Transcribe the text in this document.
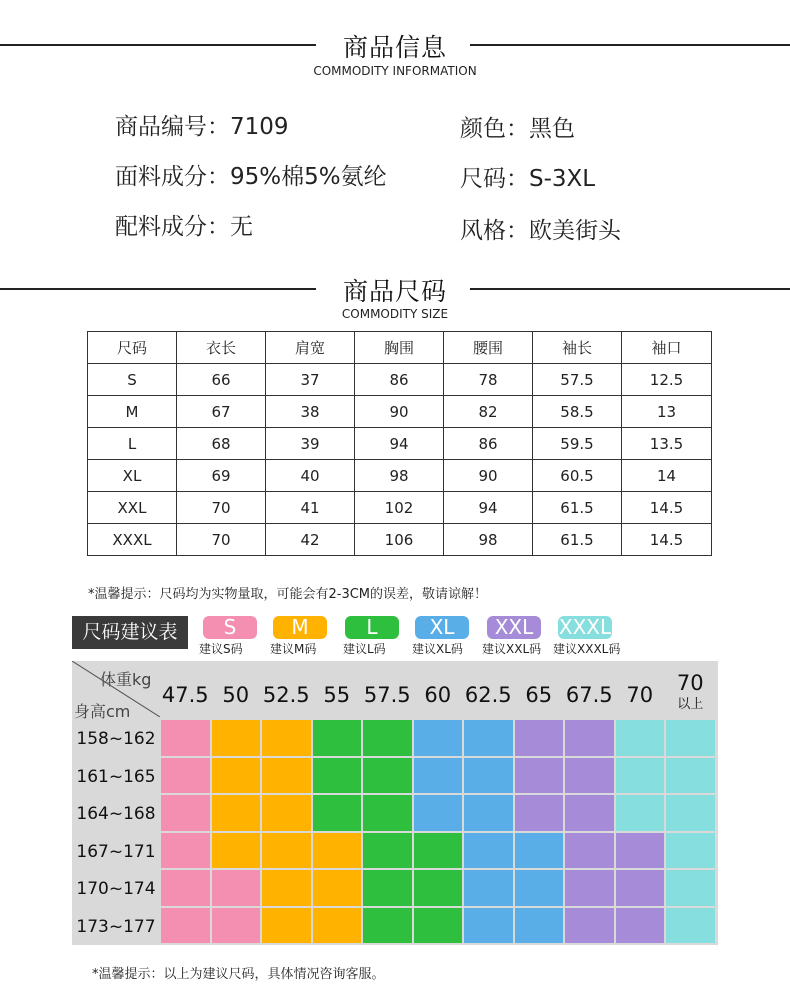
商品信息
COMMODITY INFORMATION
商品编号：7109
面料成分：95%棉5%氨纶
配料成分：无
颜色：黑色
尺码：S-3XL
风格：欧美街头
商品尺码
COMMODITY SIZE
尺码	衣长	肩宽	胸围	腰围	袖长	袖口
S	66	37	86	78	57.5	12.5
M	67	38	90	82	58.5	13
L	68	39	94	86	59.5	13.5
XL	69	40	98	90	60.5	14
XXL	70	41	102	94	61.5	14.5
XXXL	70	42	106	98	61.5	14.5
*温馨提示：尺码均为实物量取，可能会有2-3CM的误差，敬请谅解！
尺码建议表	S
建议S码
M
建议M码
L
建议L码
XL
建议XL码
XXL
建议XXL码
XXXL
建议XXXL码
体重kg
身高cm
47.5 50 52.5 55 57.5 60 62.5 65 67.5 70	70
以上
158~162
161~165
164~168
167~171
170~174
173~177
*温馨提示：以上为建议尺码，具体情况咨询客服。
